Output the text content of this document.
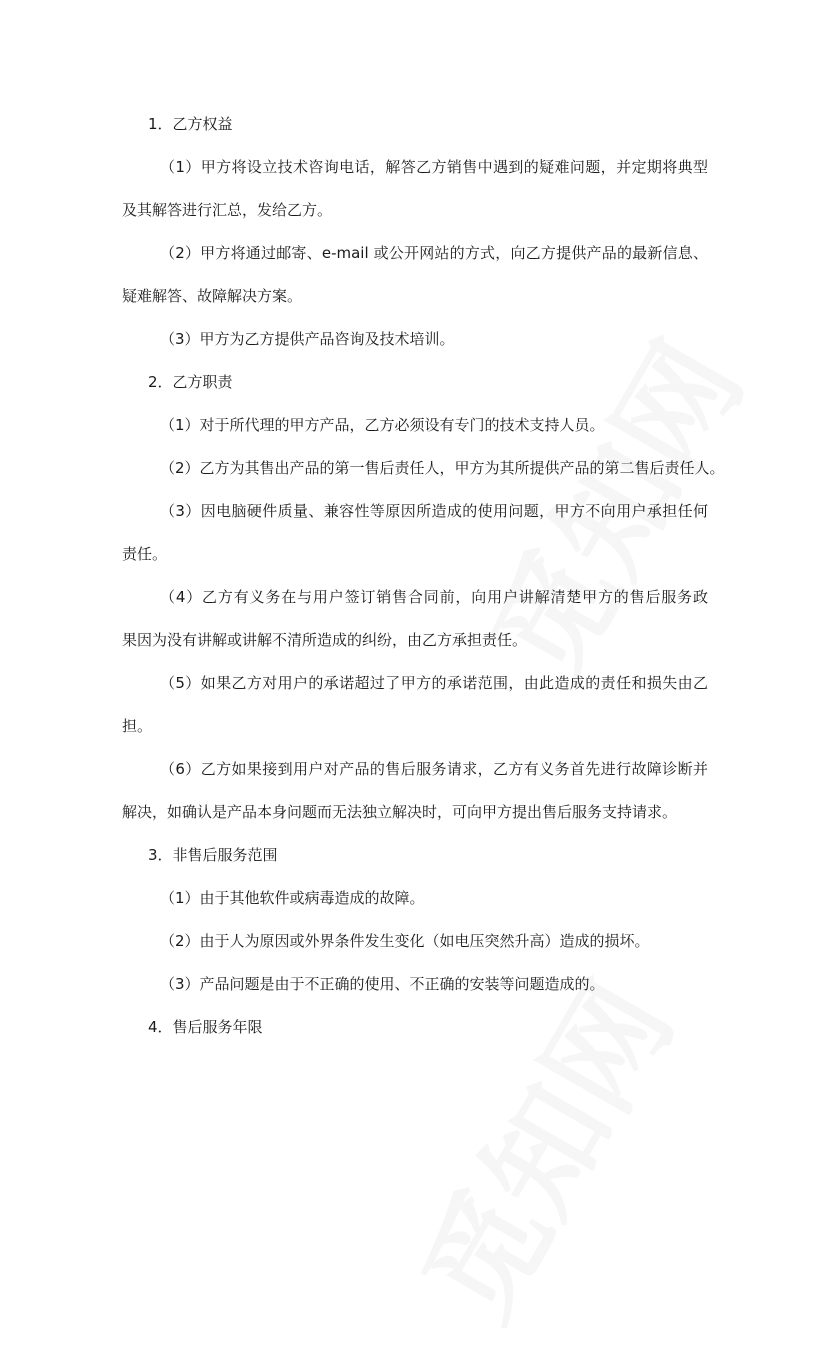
1．乙方权益
（1）甲方将设立技术咨询电话，解答乙方销售中遇到的疑难问题，并定期将典型
及其解答进行汇总，发给乙方。
（2）甲方将通过邮寄、e-mail 或公开网站的方式，向乙方提供产品的最新信息、
疑难解答、故障解决方案。
（3）甲方为乙方提供产品咨询及技术培训。
2．乙方职责
（1）对于所代理的甲方产品，乙方必须设有专门的技术支持人员。
（2）乙方为其售出产品的第一售后责任人，甲方为其所提供产品的第二售后责任人。
（3）因电脑硬件质量、兼容性等原因所造成的使用问题，甲方不向用户承担任何
责任。
（4）乙方有义务在与用户签订销售合同前，向用户讲解清楚甲方的售后服务政
果因为没有讲解或讲解不清所造成的纠纷，由乙方承担责任。
（5）如果乙方对用户的承诺超过了甲方的承诺范围，由此造成的责任和损失由乙
担。
（6）乙方如果接到用户对产品的售后服务请求，乙方有义务首先进行故障诊断并
解决，如确认是产品本身问题而无法独立解决时，可向甲方提出售后服务支持请求。
3．非售后服务范围
（1）由于其他软件或病毒造成的故障。
（2）由于人为原因或外界条件发生变化（如电压突然升高）造成的损坏。
（3）产品问题是由于不正确的使用、不正确的安装等问题造成的。
4．售后服务年限
